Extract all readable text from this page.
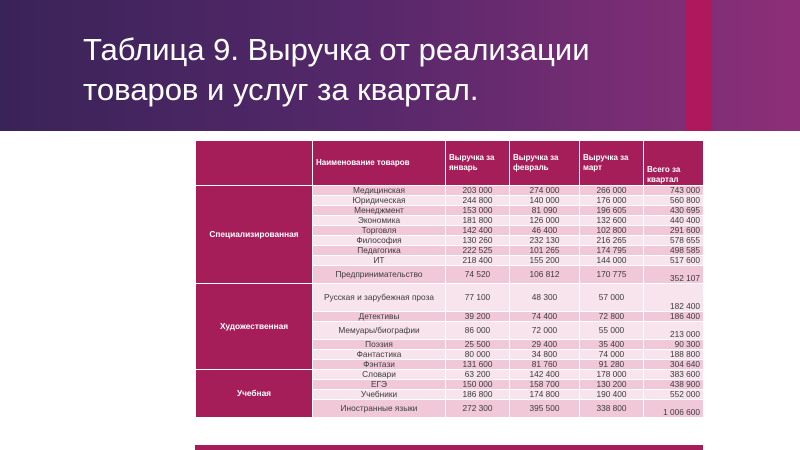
Таблица 9. Выручка от реализации
товаров и услуг за квартал.
	Наименование товаров	Выручка за январь	Выручка за февраль	Выручка за март	Всего за квартал
Специализированная	Медицинская	203 000	274 000	266 000	743 000
	Юридическая	244 800	140 000	176 000	560 800
	Менеджмент	153 000	81 090	196 605	430 695
	Экономика	181 800	126 000	132 600	440 400
	Торговля	142 400	46 400	102 800	291 600
	Философия	130 260	232 130	216 265	578 655
	Педагогика	222 525	101 265	174 795	498 585
	ИТ	218 400	155 200	144 000	517 600
	Предпринимательство	74 520	106 812	170 775	352 107
Художественная	Русская и зарубежная проза	77 100	48 300	57 000	182 400
	Детективы	39 200	74 400	72 800	186 400
	Мемуары/биографии	86 000	72 000	55 000	213 000
	Поэзия	25 500	29 400	35 400	90 300
	Фантастика	80 000	34 800	74 000	188 800
	Фэнтази	131 600	81 760	91 280	304 640
Учебная	Словари	63 200	142 400	178 000	383 600
	ЕГЭ	150 000	158 700	130 200	438 900
	Учебники	186 800	174 800	190 400	552 000
	Иностранные языки	272 300	395 500	338 800	1 006 600
